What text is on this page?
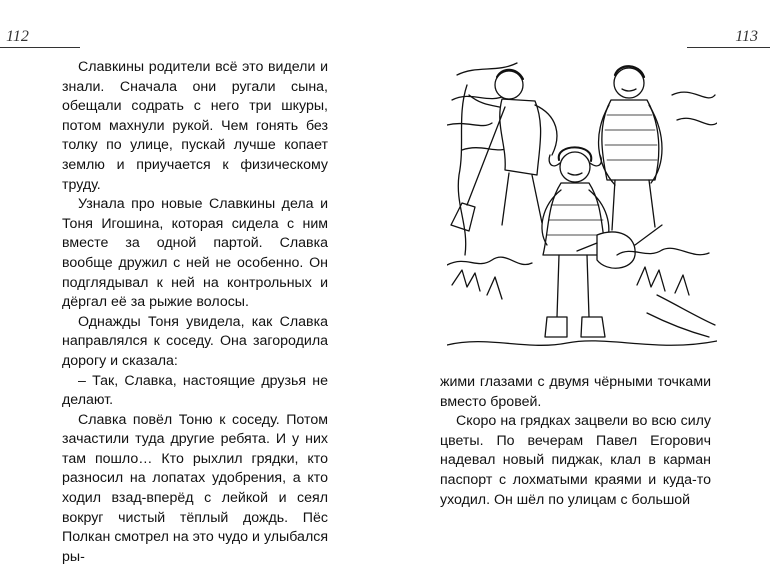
112

Славкины родители всё это видели и знали. Сначала они ругали сына, обещали содрать с него три шкуры, потом махнули рукой. Чем гонять без толку по улице, пускай лучше копает землю и приучается к физическому труду.

Узнала про новые Славкины дела и Тоня Игошина, которая сидела с ним вместе за одной партой. Славка вообще дружил с ней не особенно. Он подглядывал к ней на контрольных и дёргал её за рыжие волосы.

Однажды Тоня увидела, как Славка направлялся к соседу. Она загородила дорогу и сказала:

– Так, Славка, настоящие друзья не делают.

Славка повёл Тоню к соседу. Потом зачастили туда другие ребята. И у них там пошло… Кто рыхлил грядки, кто разносил на лопатах удобрения, а кто ходил взад-вперёд с лейкой и сеял вокруг чистый тёплый дождь. Пёс Полкан смотрел на это чудо и улыбался ры-

113

жими глазами с двумя чёрными точками вместо бровей.

Скоро на грядках зацвели во всю силу цветы. По вечерам Павел Егорович надевал новый пиджак, клал в карман паспорт с лохматыми краями и куда-то уходил. Он шёл по улицам с большой
